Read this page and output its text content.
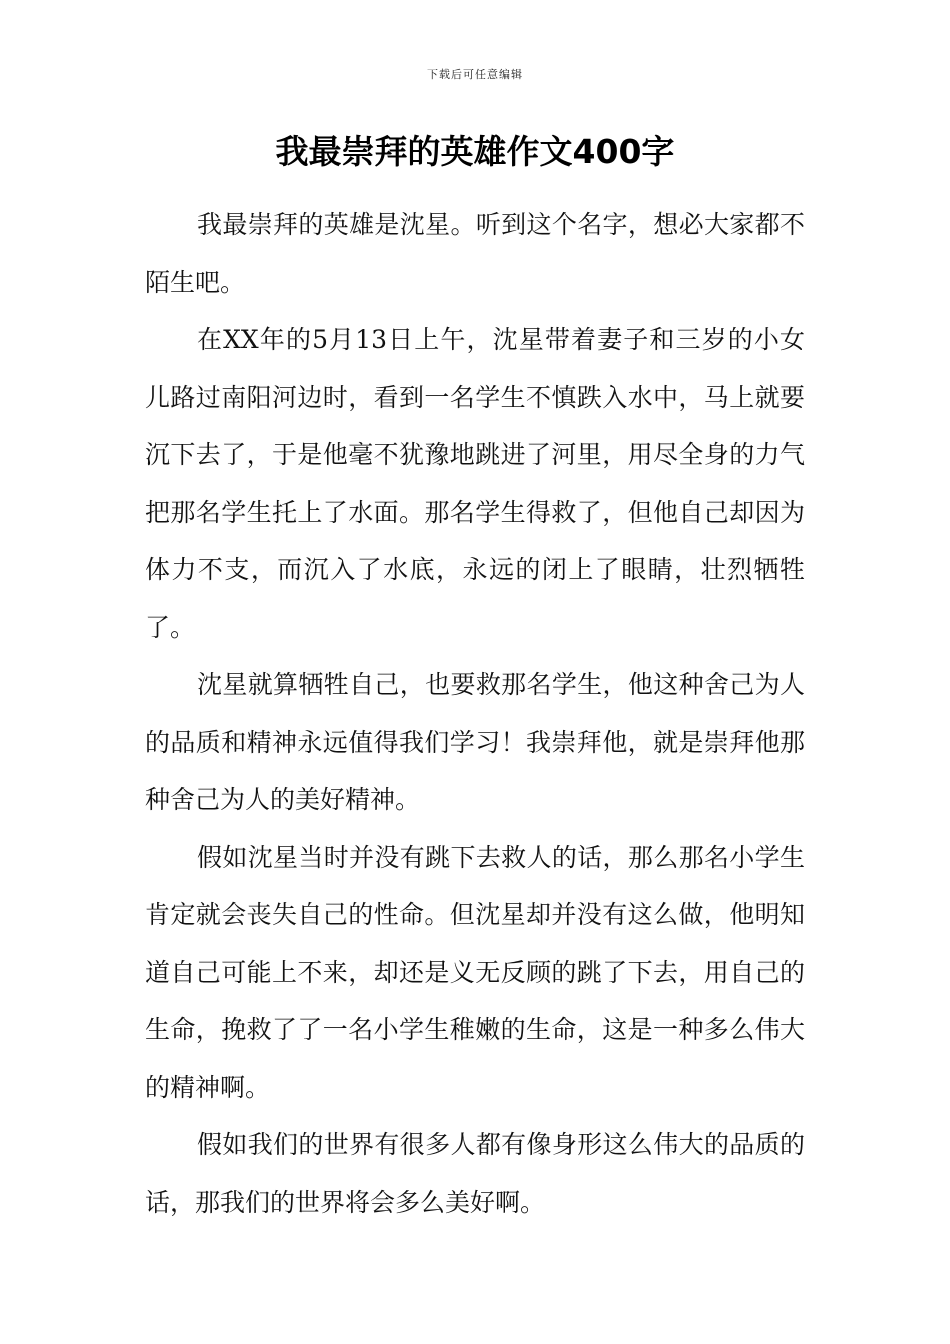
下载后可任意编辑
我最崇拜的英雄作文400字

我最崇拜的英雄是沈星。听到这个名字，想必大家都不陌生吧。

在XX年的5月13日上午，沈星带着妻子和三岁的小女儿路过南阳河边时，看到一名学生不慎跌入水中，马上就要沉下去了，于是他毫不犹豫地跳进了河里，用尽全身的力气把那名学生托上了水面。那名学生得救了，但他自己却因为体力不支，而沉入了水底，永远的闭上了眼睛，壮烈牺牲了。

沈星就算牺牲自己，也要救那名学生，他这种舍己为人的品质和精神永远值得我们学习！我崇拜他，就是崇拜他那种舍己为人的美好精神。

假如沈星当时并没有跳下去救人的话，那么那名小学生肯定就会丧失自己的性命。但沈星却并没有这么做，他明知道自己可能上不来，却还是义无反顾的跳了下去，用自己的生命，挽救了了一名小学生稚嫩的生命，这是一种多么伟大的精神啊。

假如我们的世界有很多人都有像身形这么伟大的品质的话，那我们的世界将会多么美好啊。
